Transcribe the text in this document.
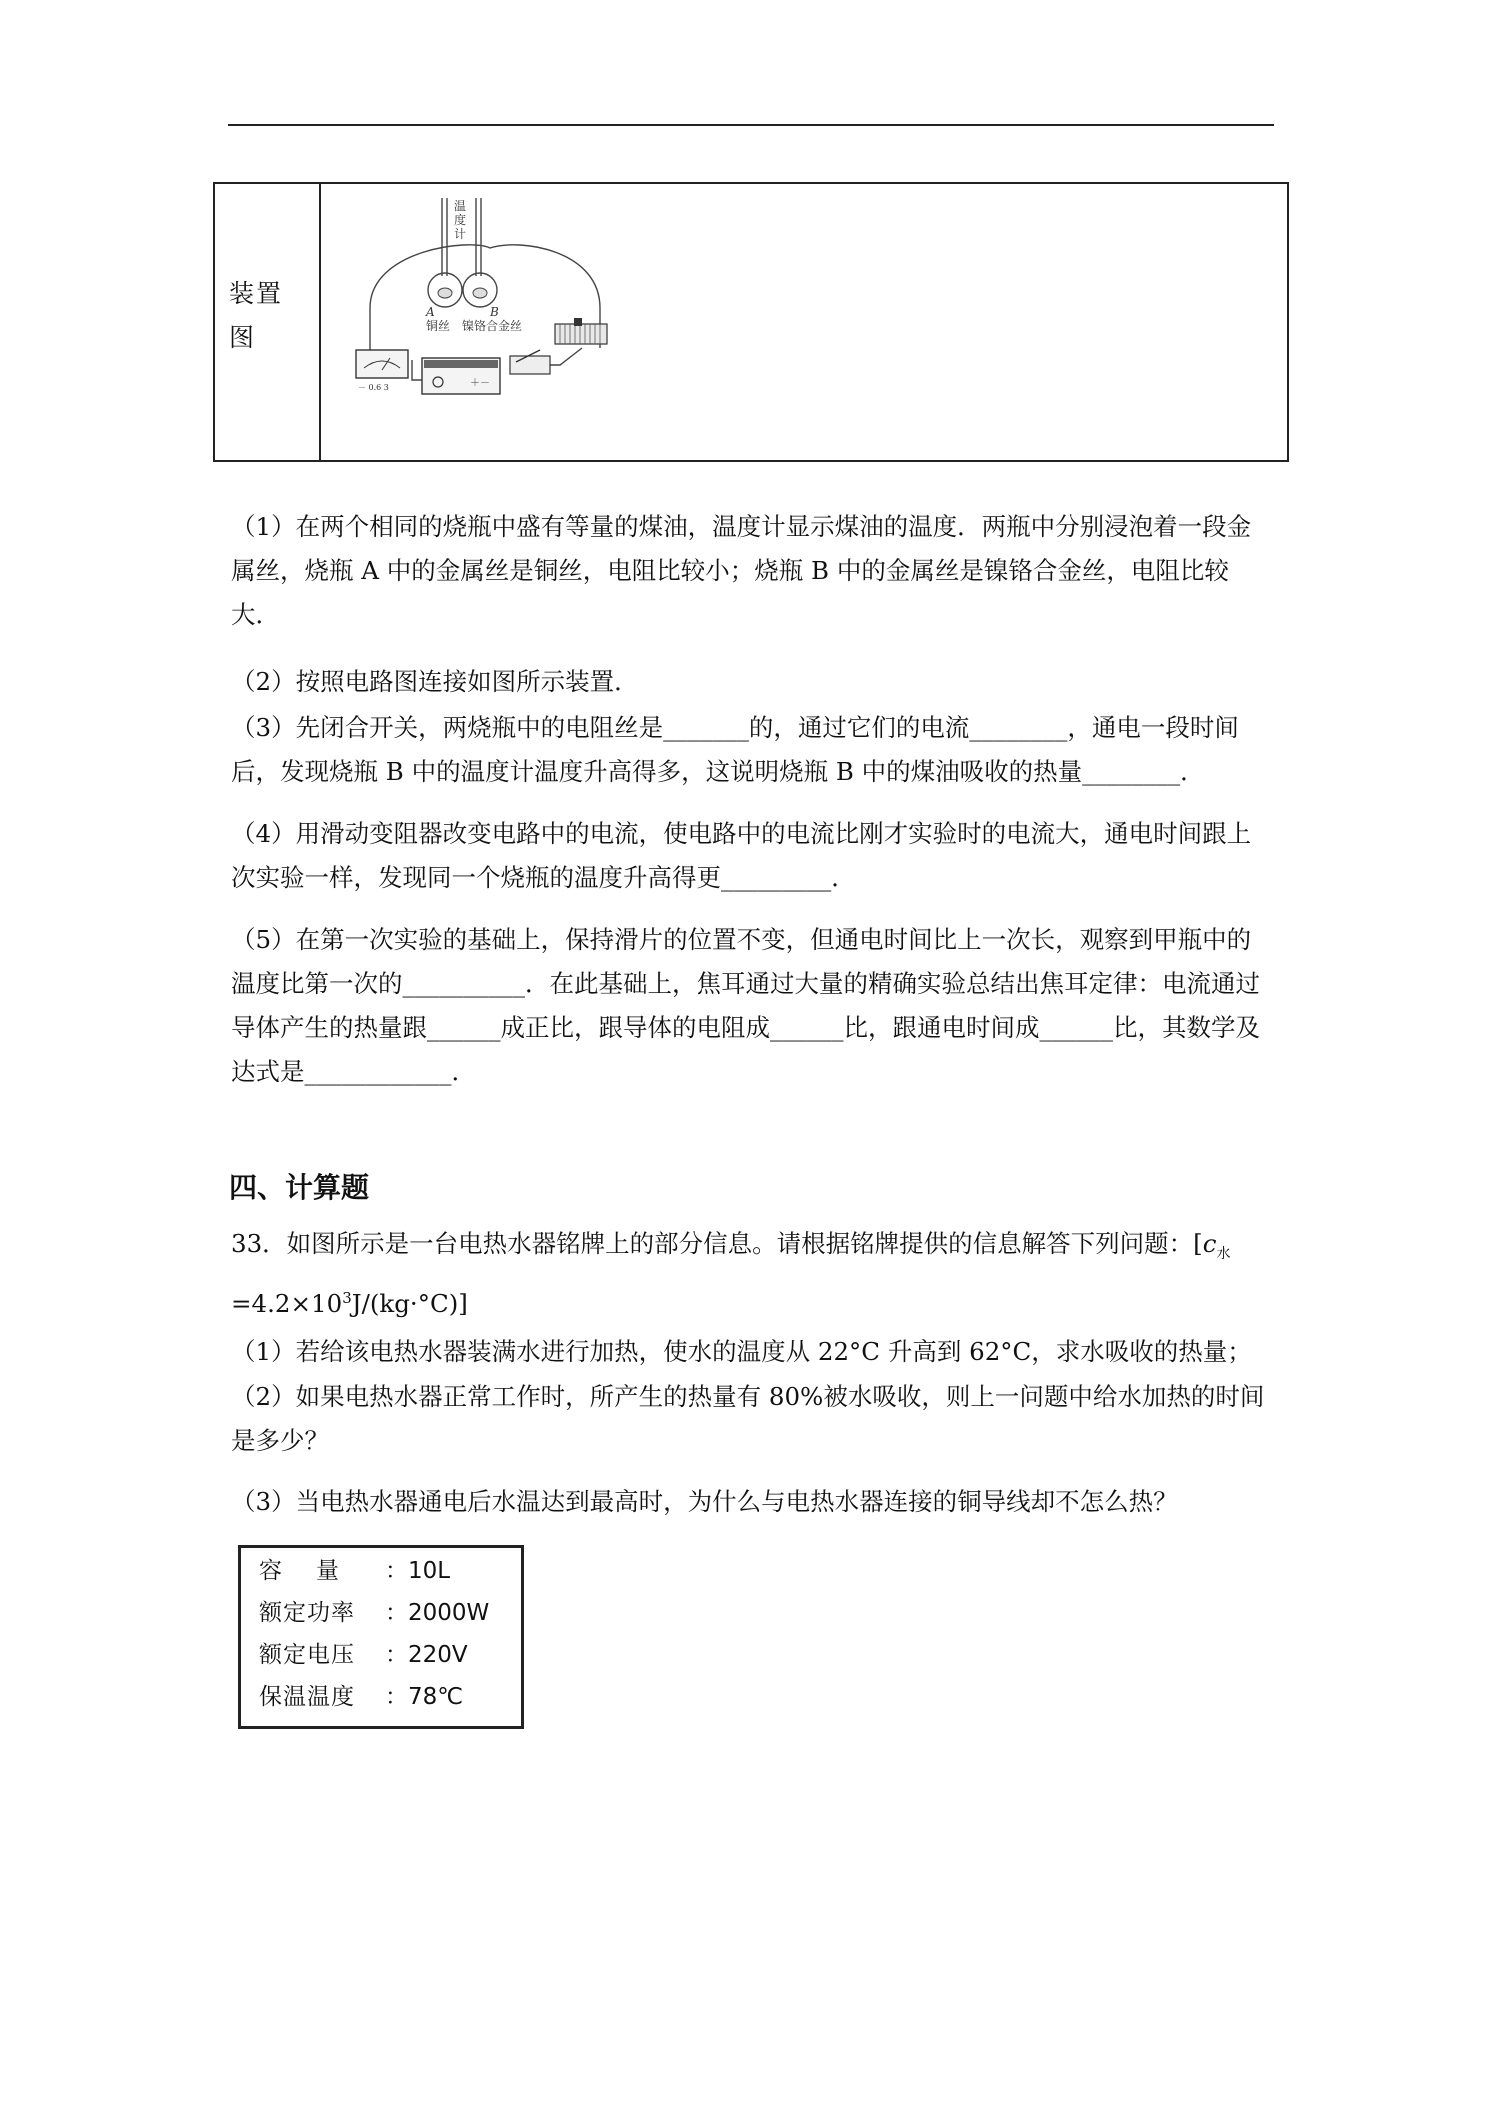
装置
图
温
度
计
A	B
铜丝 镍铬合金丝
－ 0.6 3	＋－

（1）在两个相同的烧瓶中盛有等量的煤油，温度计显示煤油的温度．两瓶中分别浸泡着一段金属丝，烧瓶 A 中的金属丝是铜丝，电阻比较小；烧瓶 B 中的金属丝是镍铬合金丝，电阻比较大．

（2）按照电路图连接如图所示装置．

（3）先闭合开关，两烧瓶中的电阻丝是_______的，通过它们的电流________，通电一段时间后，发现烧瓶 B 中的温度计温度升高得多，这说明烧瓶 B 中的煤油吸收的热量________．

（4）用滑动变阻器改变电路中的电流，使电路中的电流比刚才实验时的电流大，通电时间跟上次实验一样，发现同一个烧瓶的温度升高得更_________．

（5）在第一次实验的基础上，保持滑片的位置不变，但通电时间比上一次长，观察到甲瓶中的温度比第一次的__________．在此基础上，焦耳通过大量的精确实验总结出焦耳定律：电流通过导体产生的热量跟______成正比，跟导体的电阻成______比，跟通电时间成______比，其数学及达式是____________．

四、计算题

33．如图所示是一台电热水器铭牌上的部分信息。请根据铭牌提供的信息解答下列问题：$[c_水=4.2\times 10^3J/(kg\cdot^\circ C)]$

（1）若给该电热水器装满水进行加热，使水的温度从 22°C 升高到 62°C，求水吸收的热量；

（2）如果电热水器正常工作时，所产生的热量有 80%被水吸收，则上一问题中给水加热的时间是多少？

（3）当电热水器通电后水温达到最高时，为什么与电热水器连接的铜导线却不怎么热？

容量 ：10L
额定功率 ：2000W
额定电压 ：220V
保温温度 ：78℃
